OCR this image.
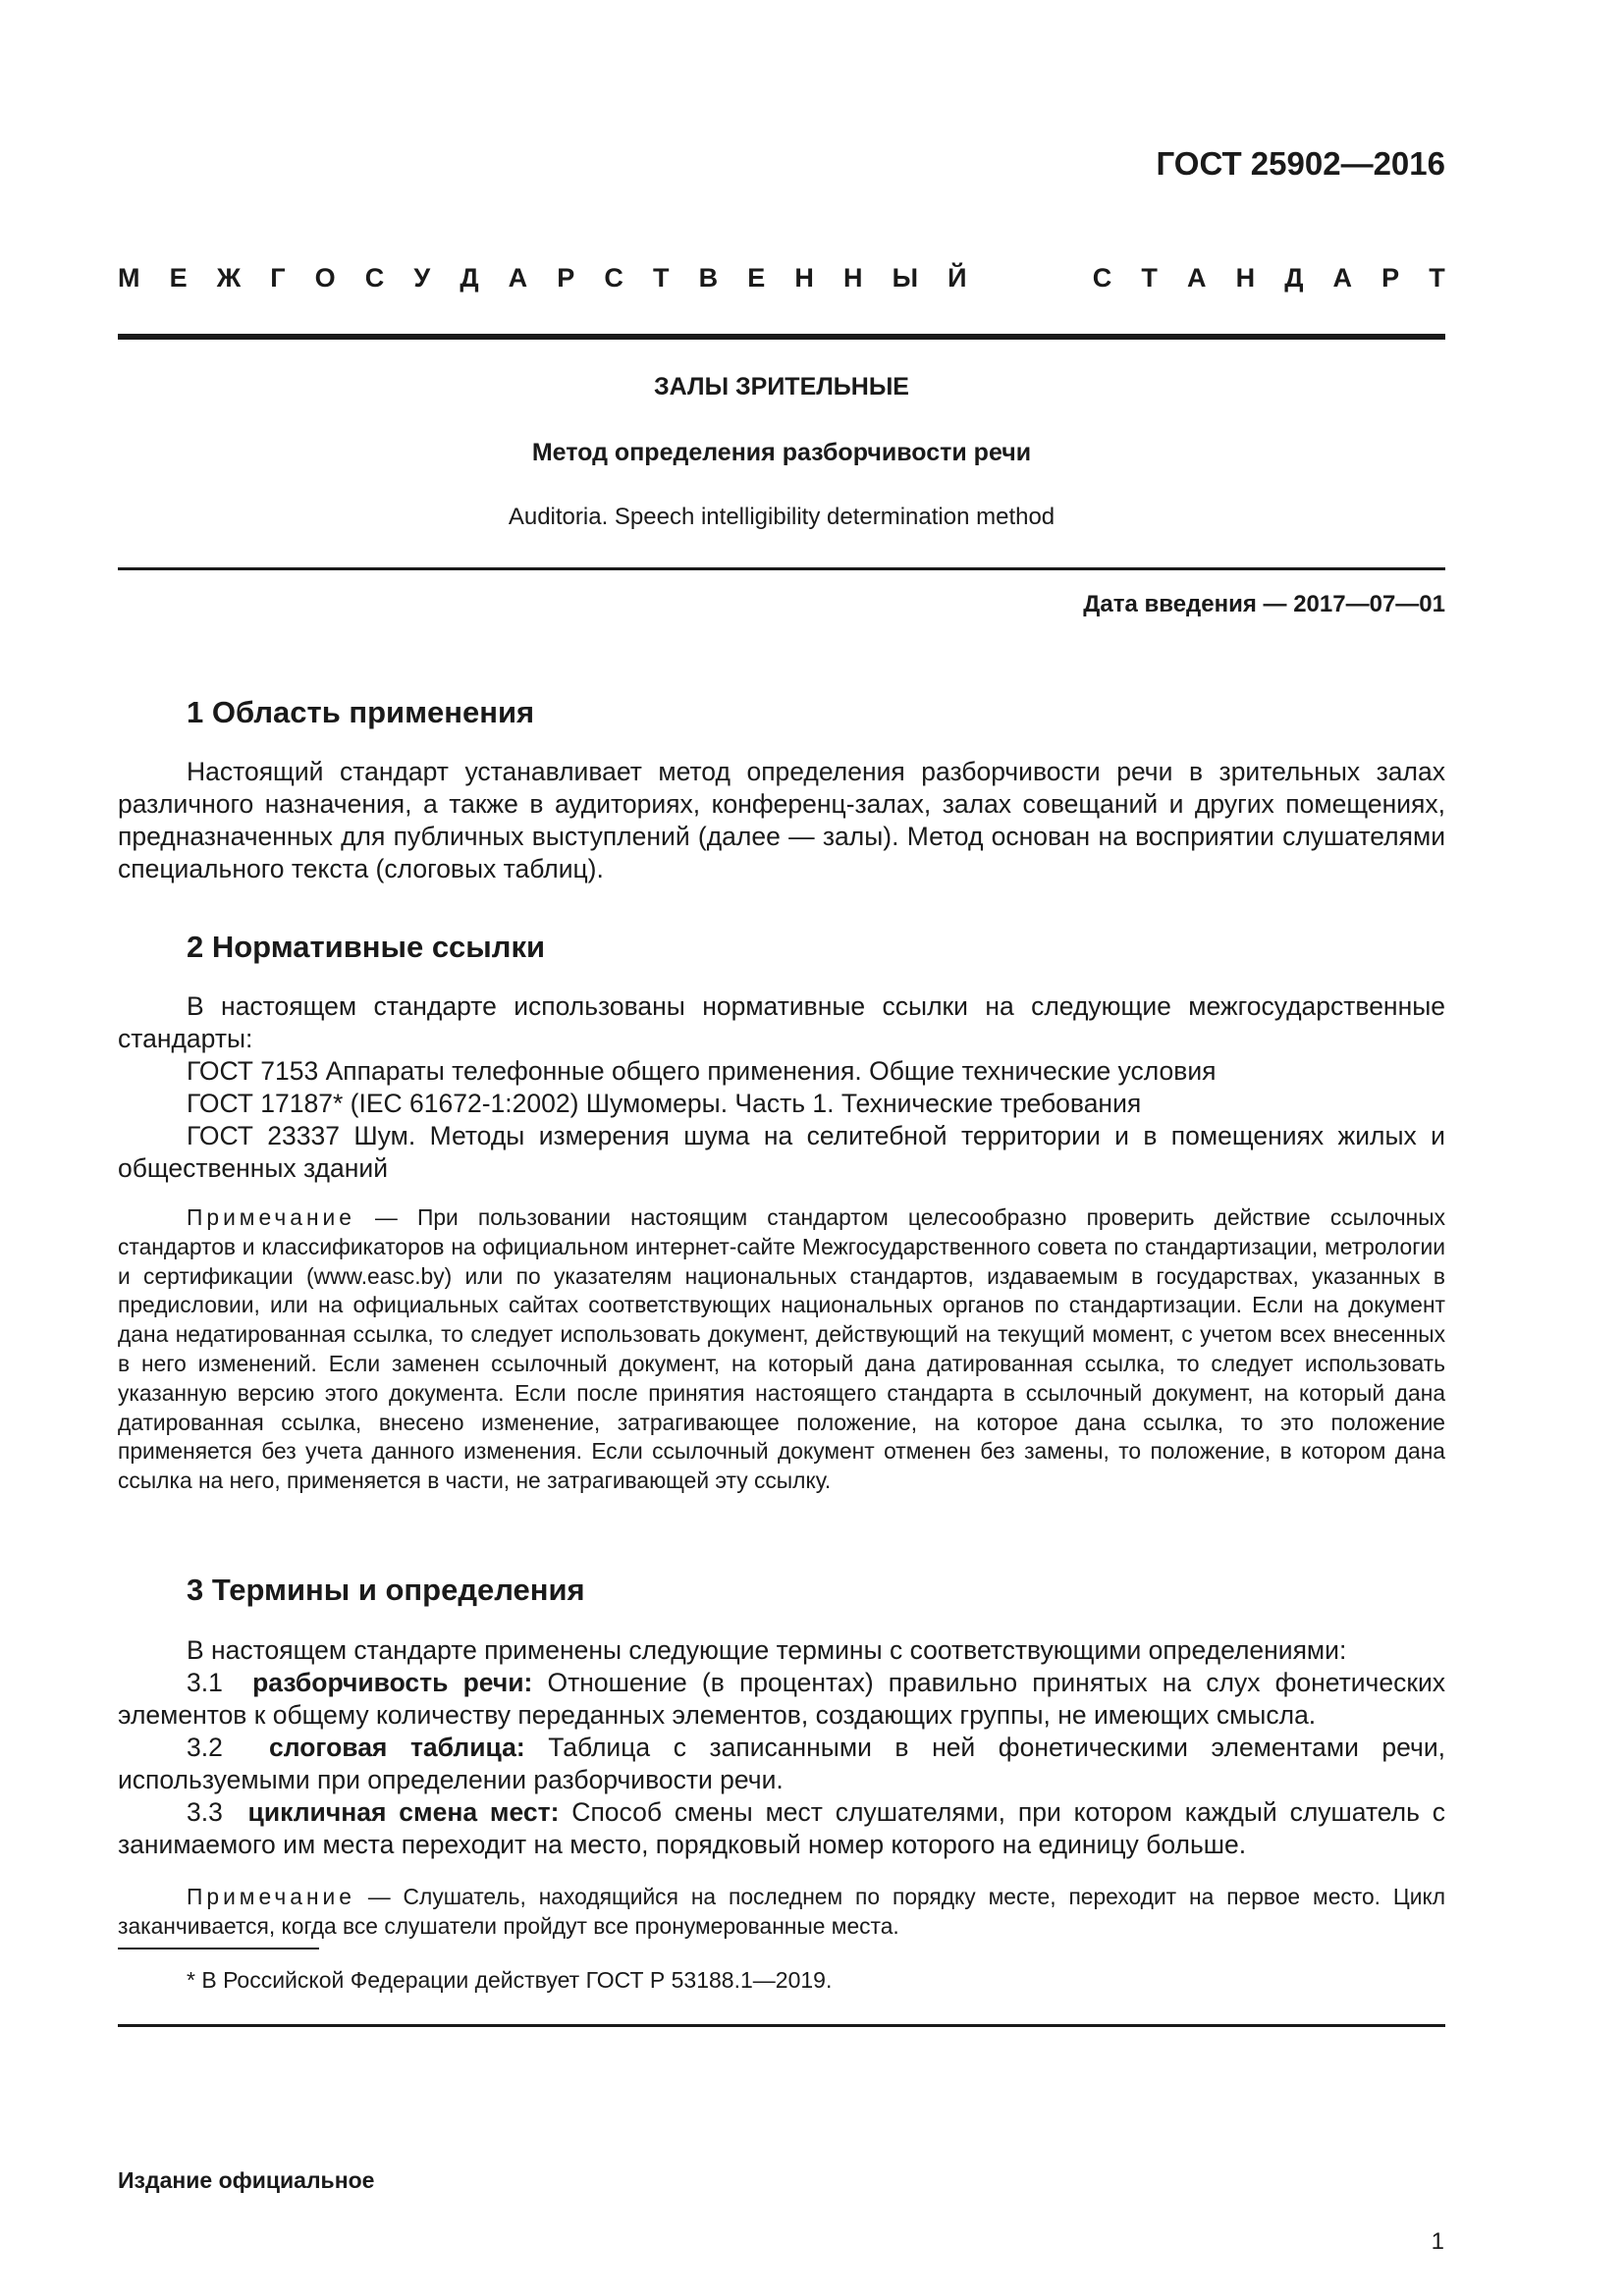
ГОСТ 25902—2016
М Е Ж Г О С У Д А Р С Т В Е Н Н Ы Й	С Т А Н Д А Р Т
ЗАЛЫ ЗРИТЕЛЬНЫЕ
Метод определения разборчивости речи
Auditoria. Speech intelligibility determination method
Дата введения — 2017—07—01
1 Область применения

Настоящий стандарт устанавливает метод определения разборчивости речи в зрительных залах различного назначения, а также в аудиториях, конференц-залах, залах совещаний и других помещениях, предназначенных для публичных выступлений (далее — залы). Метод основан на восприятии слушателями специального текста (слоговых таблиц).

2 Нормативные ссылки

В настоящем стандарте использованы нормативные ссылки на следующие межгосударственные стандарты:

ГОСТ 7153 Аппараты телефонные общего применения. Общие технические условия

ГОСТ 17187* (IEC 61672-1:2002) Шумомеры. Часть 1. Технические требования

ГОСТ 23337 Шум. Методы измерения шума на селитебной территории и в помещениях жилых и общественных зданий

Примечание — При пользовании настоящим стандартом целесообразно проверить действие ссылочных стандартов и классификаторов на официальном интернет-сайте Межгосударственного совета по стандартизации, метрологии и сертификации (www.easc.by) или по указателям национальных стандартов, издаваемым в государствах, указанных в предисловии, или на официальных сайтах соответствующих национальных органов по стандартизации. Если на документ дана недатированная ссылка, то следует использовать документ, действующий на текущий момент, с учетом всех внесенных в него изменений. Если заменен ссылочный документ, на который дана датированная ссылка, то следует использовать указанную версию этого документа. Если после принятия настоящего стандарта в ссылочный документ, на который дана датированная ссылка, внесено изменение, затрагивающее положение, на которое дана ссылка, то это положение применяется без учета данного изменения. Если ссылочный документ отменен без замены, то положение, в котором дана ссылка на него, применяется в части, не затрагивающей эту ссылку.

3 Термины и определения

В настоящем стандарте применены следующие термины с соответствующими определениями:

3.1 разборчивость речи: Отношение (в процентах) правильно принятых на слух фонетических элементов к общему количеству переданных элементов, создающих группы, не имеющих смысла.

3.2 слоговая таблица: Таблица с записанными в ней фонетическими элементами речи, используемыми при определении разборчивости речи.

3.3 цикличная смена мест: Способ смены мест слушателями, при котором каждый слушатель с занимаемого им места переходит на место, порядковый номер которого на единицу больше.

Примечание — Слушатель, находящийся на последнем по порядку месте, переходит на первое место. Цикл заканчивается, когда все слушатели пройдут все пронумерованные места.

* В Российской Федерации действует ГОСТ Р 53188.1—2019.
Издание официальное
1
